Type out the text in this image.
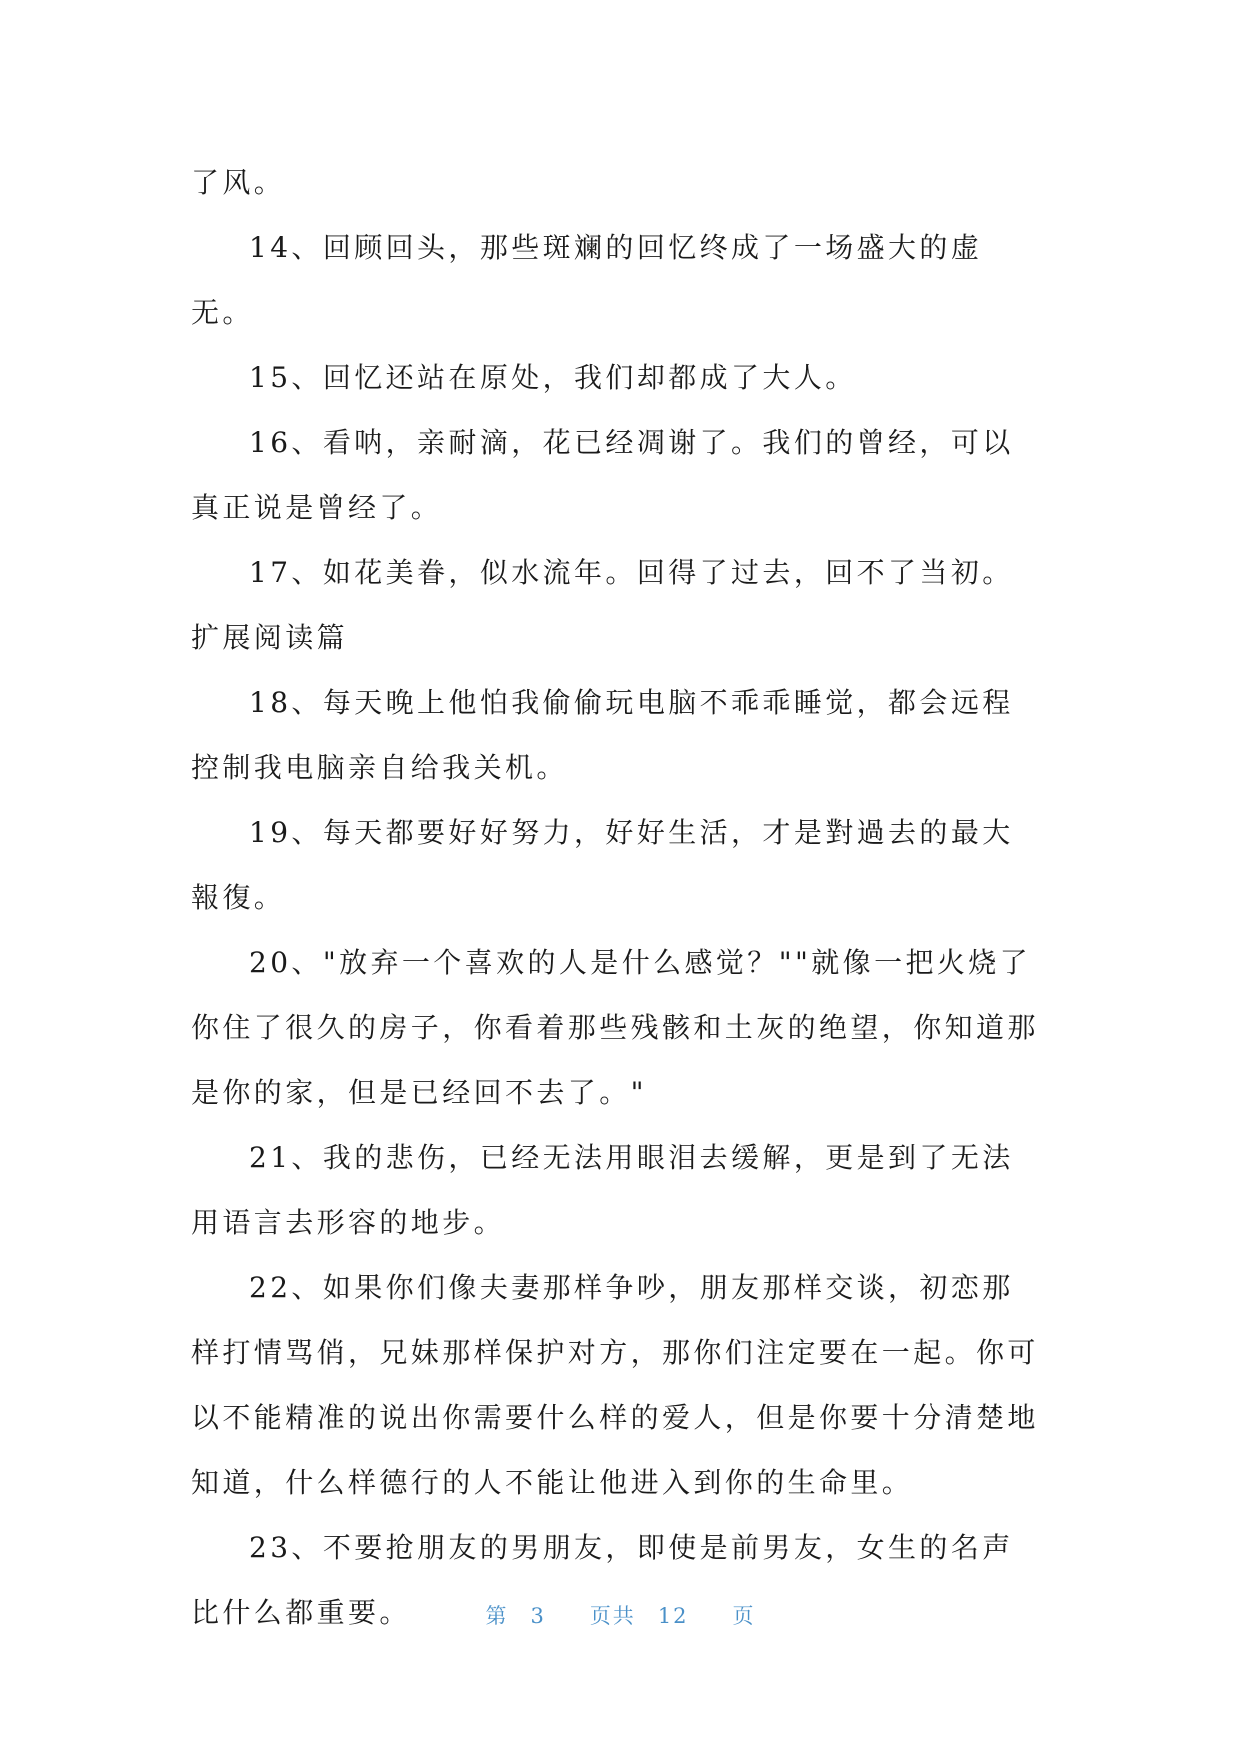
了风。

14、回顾回头，那些斑斓的回忆终成了一场盛大的虚无。

15、回忆还站在原处，我们却都成了大人。

16、看呐，亲耐滴，花已经凋谢了。我们的曾经，可以真正说是曾经了。

17、如花美眷，似水流年。回得了过去，回不了当初。扩展阅读篇

18、每天晚上他怕我偷偷玩电脑不乖乖睡觉，都会远程控制我电脑亲自给我关机。

19、每天都要好好努力，好好生活，才是對過去的最大報復。

20、"放弃一个喜欢的人是什么感觉？""就像一把火烧了你住了很久的房子，你看着那些残骸和土灰的绝望，你知道那是你的家，但是已经回不去了。"

21、我的悲伤，已经无法用眼泪去缓解，更是到了无法用语言去形容的地步。

22、如果你们像夫妻那样争吵，朋友那样交谈，初恋那样打情骂俏，兄妹那样保护对方，那你们注定要在一起。你可以不能精准的说出你需要什么样的爱人，但是你要十分清楚地知道，什么样德行的人不能让他进入到你的生命里。

23、不要抢朋友的男朋友，即使是前男友，女生的名声比什么都重要。	第 3 页共 12 页
